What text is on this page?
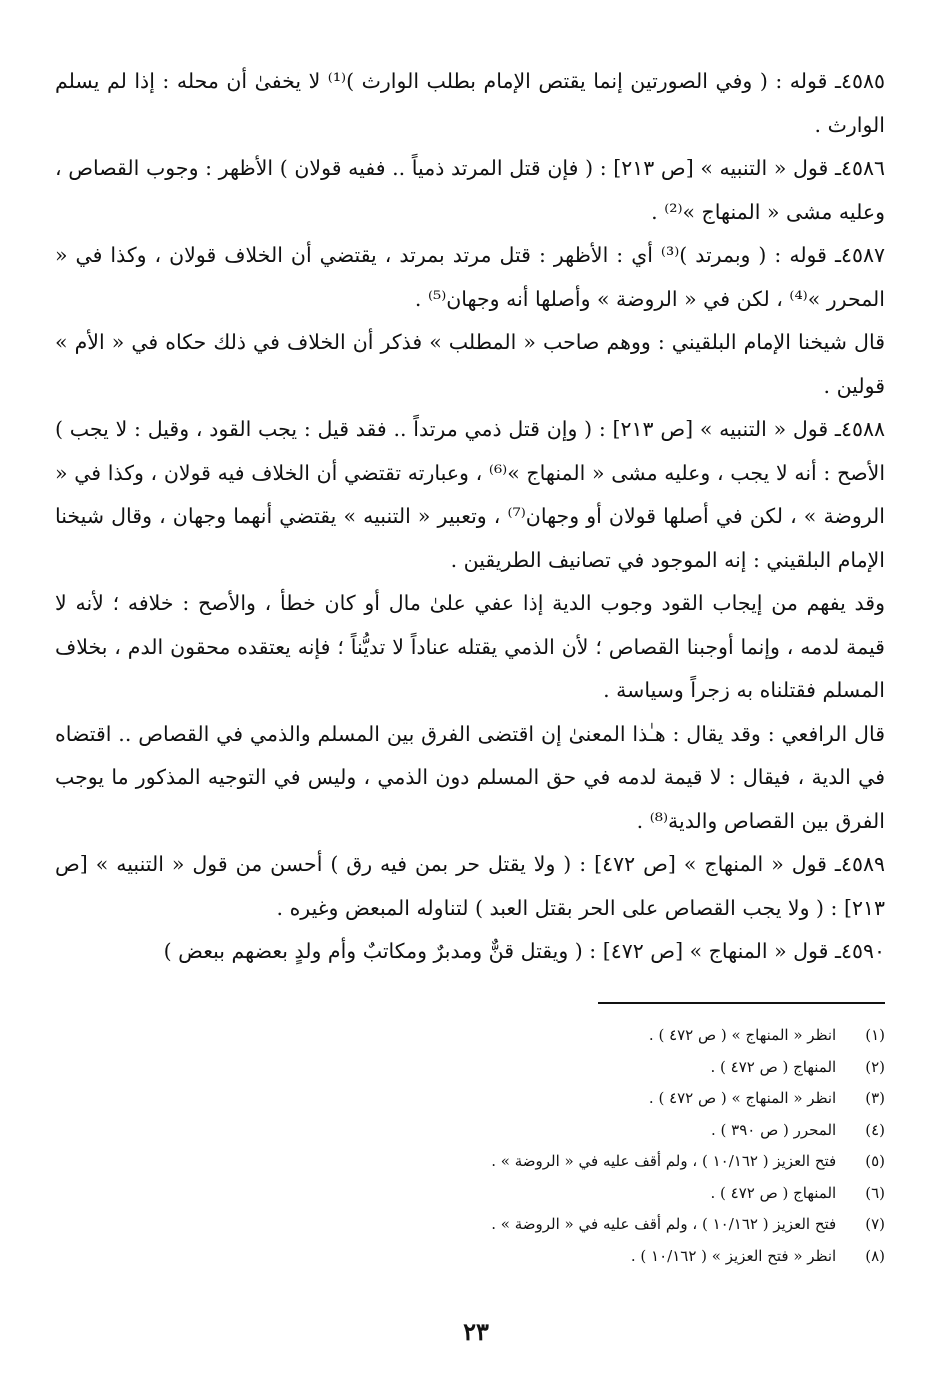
٤٥٨٥ـ قوله : ( وفي الصورتين إنما يقتص الإمام بطلب الوارث )⁽¹⁾ لا يخفىٰ أن محله : إذا لم يسلم الوارث .

٤٥٨٦ـ قول « التنبيه » [ص ٢١٣] : ( فإن قتل المرتد ذمياً .. ففيه قولان ) الأظهر : وجوب القصاص ، وعليه مشى « المنهاج »⁽²⁾ .

٤٥٨٧ـ قوله : ( وبمرتد )⁽³⁾ أي : الأظهر : قتل مرتد بمرتد ، يقتضي أن الخلاف قولان ، وكذا في « المحرر »⁽⁴⁾ ، لكن في « الروضة » وأصلها أنه وجهان⁽⁵⁾ .

قال شيخنا الإمام البلقيني : ووهم صاحب « المطلب » فذكر أن الخلاف في ذلك حكاه في « الأم » قولين .

٤٥٨٨ـ قول « التنبيه » [ص ٢١٣] : ( وإن قتل ذمي مرتداً .. فقد قيل : يجب القود ، وقيل : لا يجب ) الأصح : أنه لا يجب ، وعليه مشى « المنهاج »⁽⁶⁾ ، وعبارته تقتضي أن الخلاف فيه قولان ، وكذا في « الروضة » ، لكن في أصلها قولان أو وجهان⁽⁷⁾ ، وتعبير « التنبيه » يقتضي أنهما وجهان ، وقال شيخنا الإمام البلقيني : إنه الموجود في تصانيف الطريقين .

وقد يفهم من إيجاب القود وجوب الدية إذا عفي علىٰ مال أو كان خطأ ، والأصح : خلافه ؛ لأنه لا قيمة لدمه ، وإنما أوجبنا القصاص ؛ لأن الذمي يقتله عناداً لا تديُّناً ؛ فإنه يعتقده محقون الدم ، بخلاف المسلم فقتلناه به زجراً وسياسة .

قال الرافعي : وقد يقال : هـٰذا المعنىٰ إن اقتضى الفرق بين المسلم والذمي في القصاص .. اقتضاه في الدية ، فيقال : لا قيمة لدمه في حق المسلم دون الذمي ، وليس في التوجيه المذكور ما يوجب الفرق بين القصاص والدية⁽⁸⁾ .

٤٥٨٩ـ قول « المنهاج » [ص ٤٧٢] : ( ولا يقتل حر بمن فيه رق ) أحسن من قول « التنبيه » [ص ٢١٣] : ( ولا يجب القصاص على الحر بقتل العبد ) لتناوله المبعض وغيره .

٤٥٩٠ـ قول « المنهاج » [ص ٤٧٢] : ( ويقتل قنٌّ ومدبرٌ ومكاتبٌ وأم ولدٍ بعضهم ببعض )

(١) انظر « المنهاج » ( ص ٤٧٢ ) .
(٢) المنهاج ( ص ٤٧٢ ) .
(٣) انظر « المنهاج » ( ص ٤٧٢ ) .
(٤) المحرر ( ص ٣٩٠ ) .
(٥) فتح العزيز ( ١٠/١٦٢ ) ، ولم أقف عليه في « الروضة » .
(٦) المنهاج ( ص ٤٧٢ ) .
(٧) فتح العزيز ( ١٠/١٦٢ ) ، ولم أقف عليه في « الروضة » .
(٨) انظر « فتح العزيز » ( ١٠/١٦٢ ) .
٢٣
